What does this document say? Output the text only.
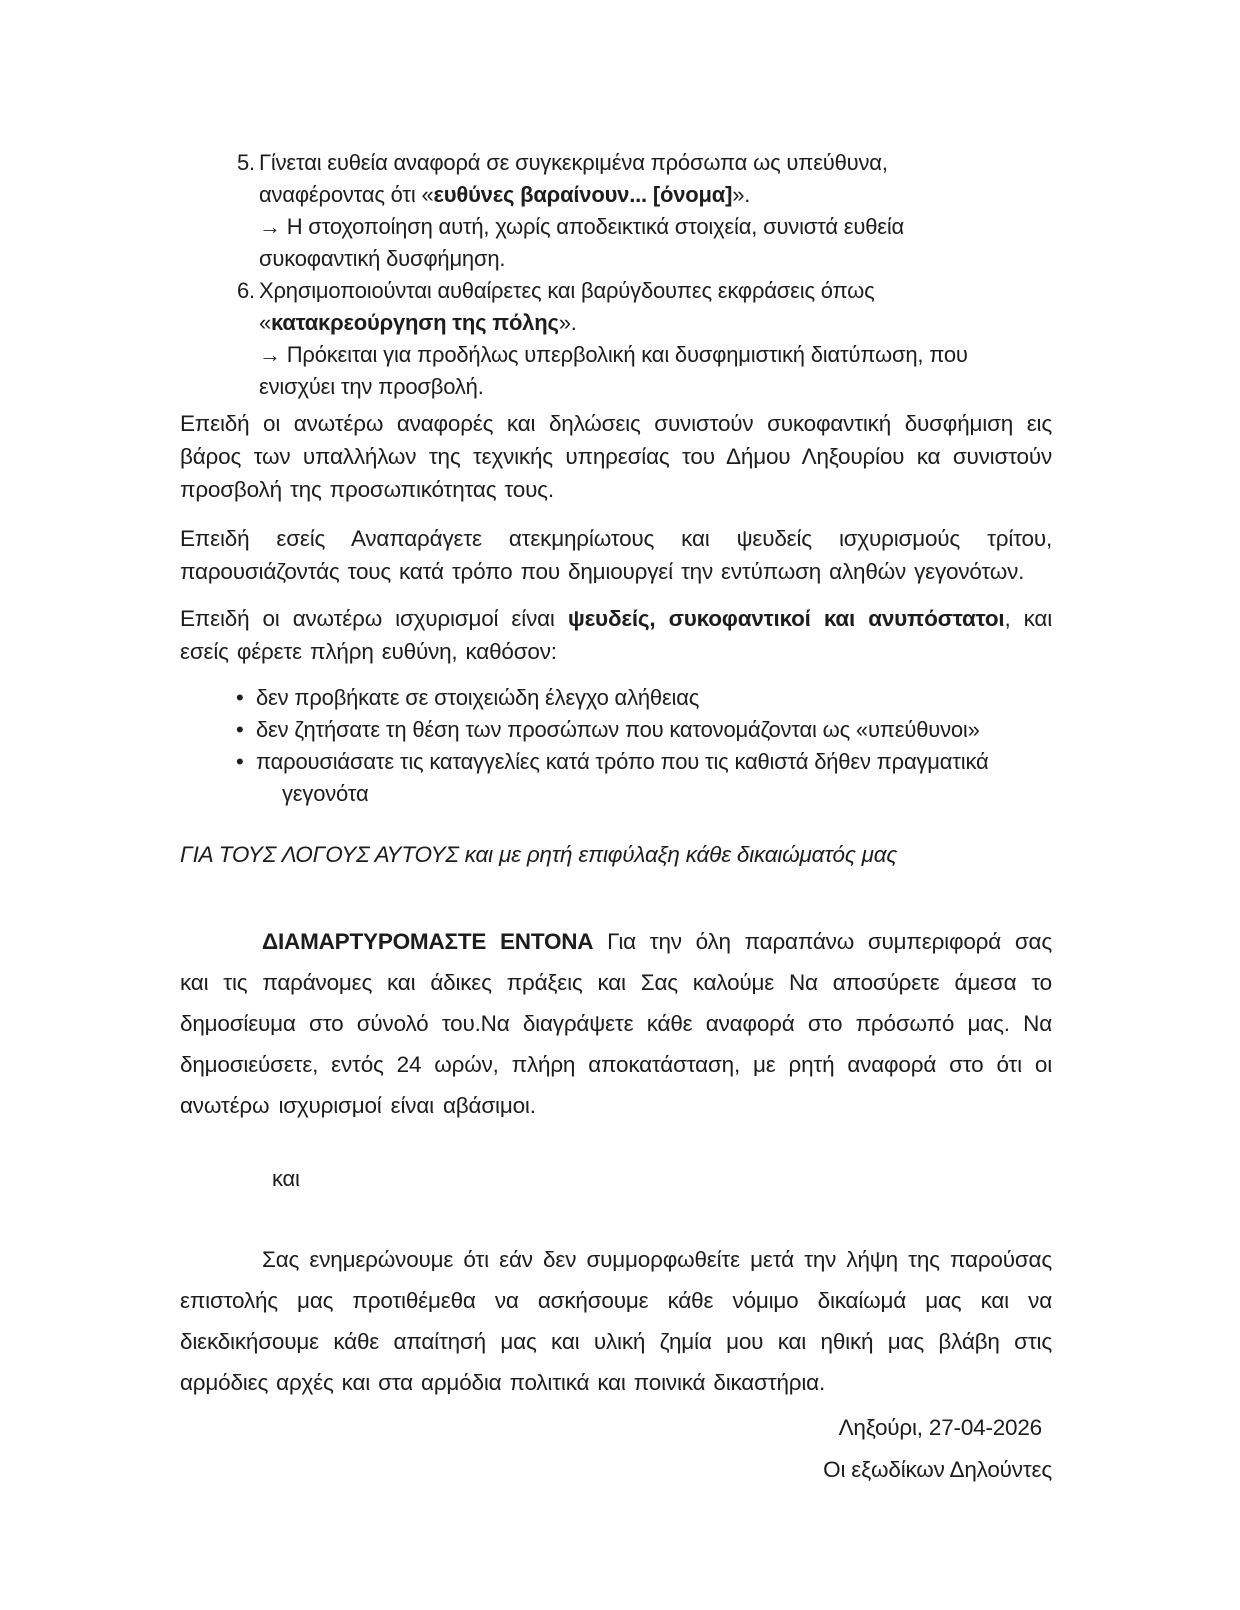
5. Γίνεται ευθεία αναφορά σε συγκεκριμένα πρόσωπα ως υπεύθυνα, αναφέροντας ότι «ευθύνες βαραίνουν... [όνομα]».
→ Η στοχοποίηση αυτή, χωρίς αποδεικτικά στοιχεία, συνιστά ευθεία συκοφαντική δυσφήμηση.
6. Χρησιμοποιούνται αυθαίρετες και βαρύγδουπες εκφράσεις όπως «κατακρεούργηση της πόλης».
→ Πρόκειται για προδήλως υπερβολική και δυσφημιστική διατύπωση, που ενισχύει την προσβολή.

Επειδή οι ανωτέρω αναφορές και δηλώσεις συνιστούν συκοφαντική δυσφήμιση εις βάρος των υπαλλήλων της τεχνικής υπηρεσίας του Δήμου Ληξουρίου κα συνιστούν προσβολή της προσωπικότητας τους.

Επειδή εσείς Αναπαράγετε ατεκμηρίωτους και ψευδείς ισχυρισμούς τρίτου, παρουσιάζοντάς τους κατά τρόπο που δημιουργεί την εντύπωση αληθών γεγονότων.

Επειδή οι ανωτέρω ισχυρισμοί είναι ψευδείς, συκοφαντικοί και ανυπόστατοι, και εσείς φέρετε πλήρη ευθύνη, καθόσον:

• δεν προβήκατε σε στοιχειώδη έλεγχο αλήθειας
• δεν ζητήσατε τη θέση των προσώπων που κατονομάζονται ως «υπεύθυνοι»
• παρουσιάσατε τις καταγγελίες κατά τρόπο που τις καθιστά δήθεν πραγματικά γεγονότα

ΓΙΑ ΤΟΥΣ ΛΟΓΟΥΣ ΑΥΤΟΥΣ και με ρητή επιφύλαξη κάθε δικαιώματός μας

ΔΙΑΜΑΡΤΥΡΟΜΑΣΤΕ ΕΝΤΟΝΑ Για την όλη παραπάνω συμπεριφορά σας και τις παράνομες και άδικες πράξεις και Σας καλούμε Να αποσύρετε άμεσα το δημοσίευμα στο σύνολό του.Να διαγράψετε κάθε αναφορά στο πρόσωπό μας. Να δημοσιεύσετε, εντός 24 ωρών, πλήρη αποκατάσταση, με ρητή αναφορά στο ότι οι ανωτέρω ισχυρισμοί είναι αβάσιμοι.

και

Σας ενημερώνουμε ότι εάν δεν συμμορφωθείτε μετά την λήψη της παρούσας επιστολής μας προτιθέμεθα να ασκήσουμε κάθε νόμιμο δικαίωμά μας και να διεκδικήσουμε κάθε απαίτησή μας και υλική ζημία μου και ηθική μας βλάβη στις αρμόδιες αρχές και στα αρμόδια πολιτικά και ποινικά δικαστήρια.

Ληξούρι, 27-04-2026
Οι εξωδίκων Δηλούντες
